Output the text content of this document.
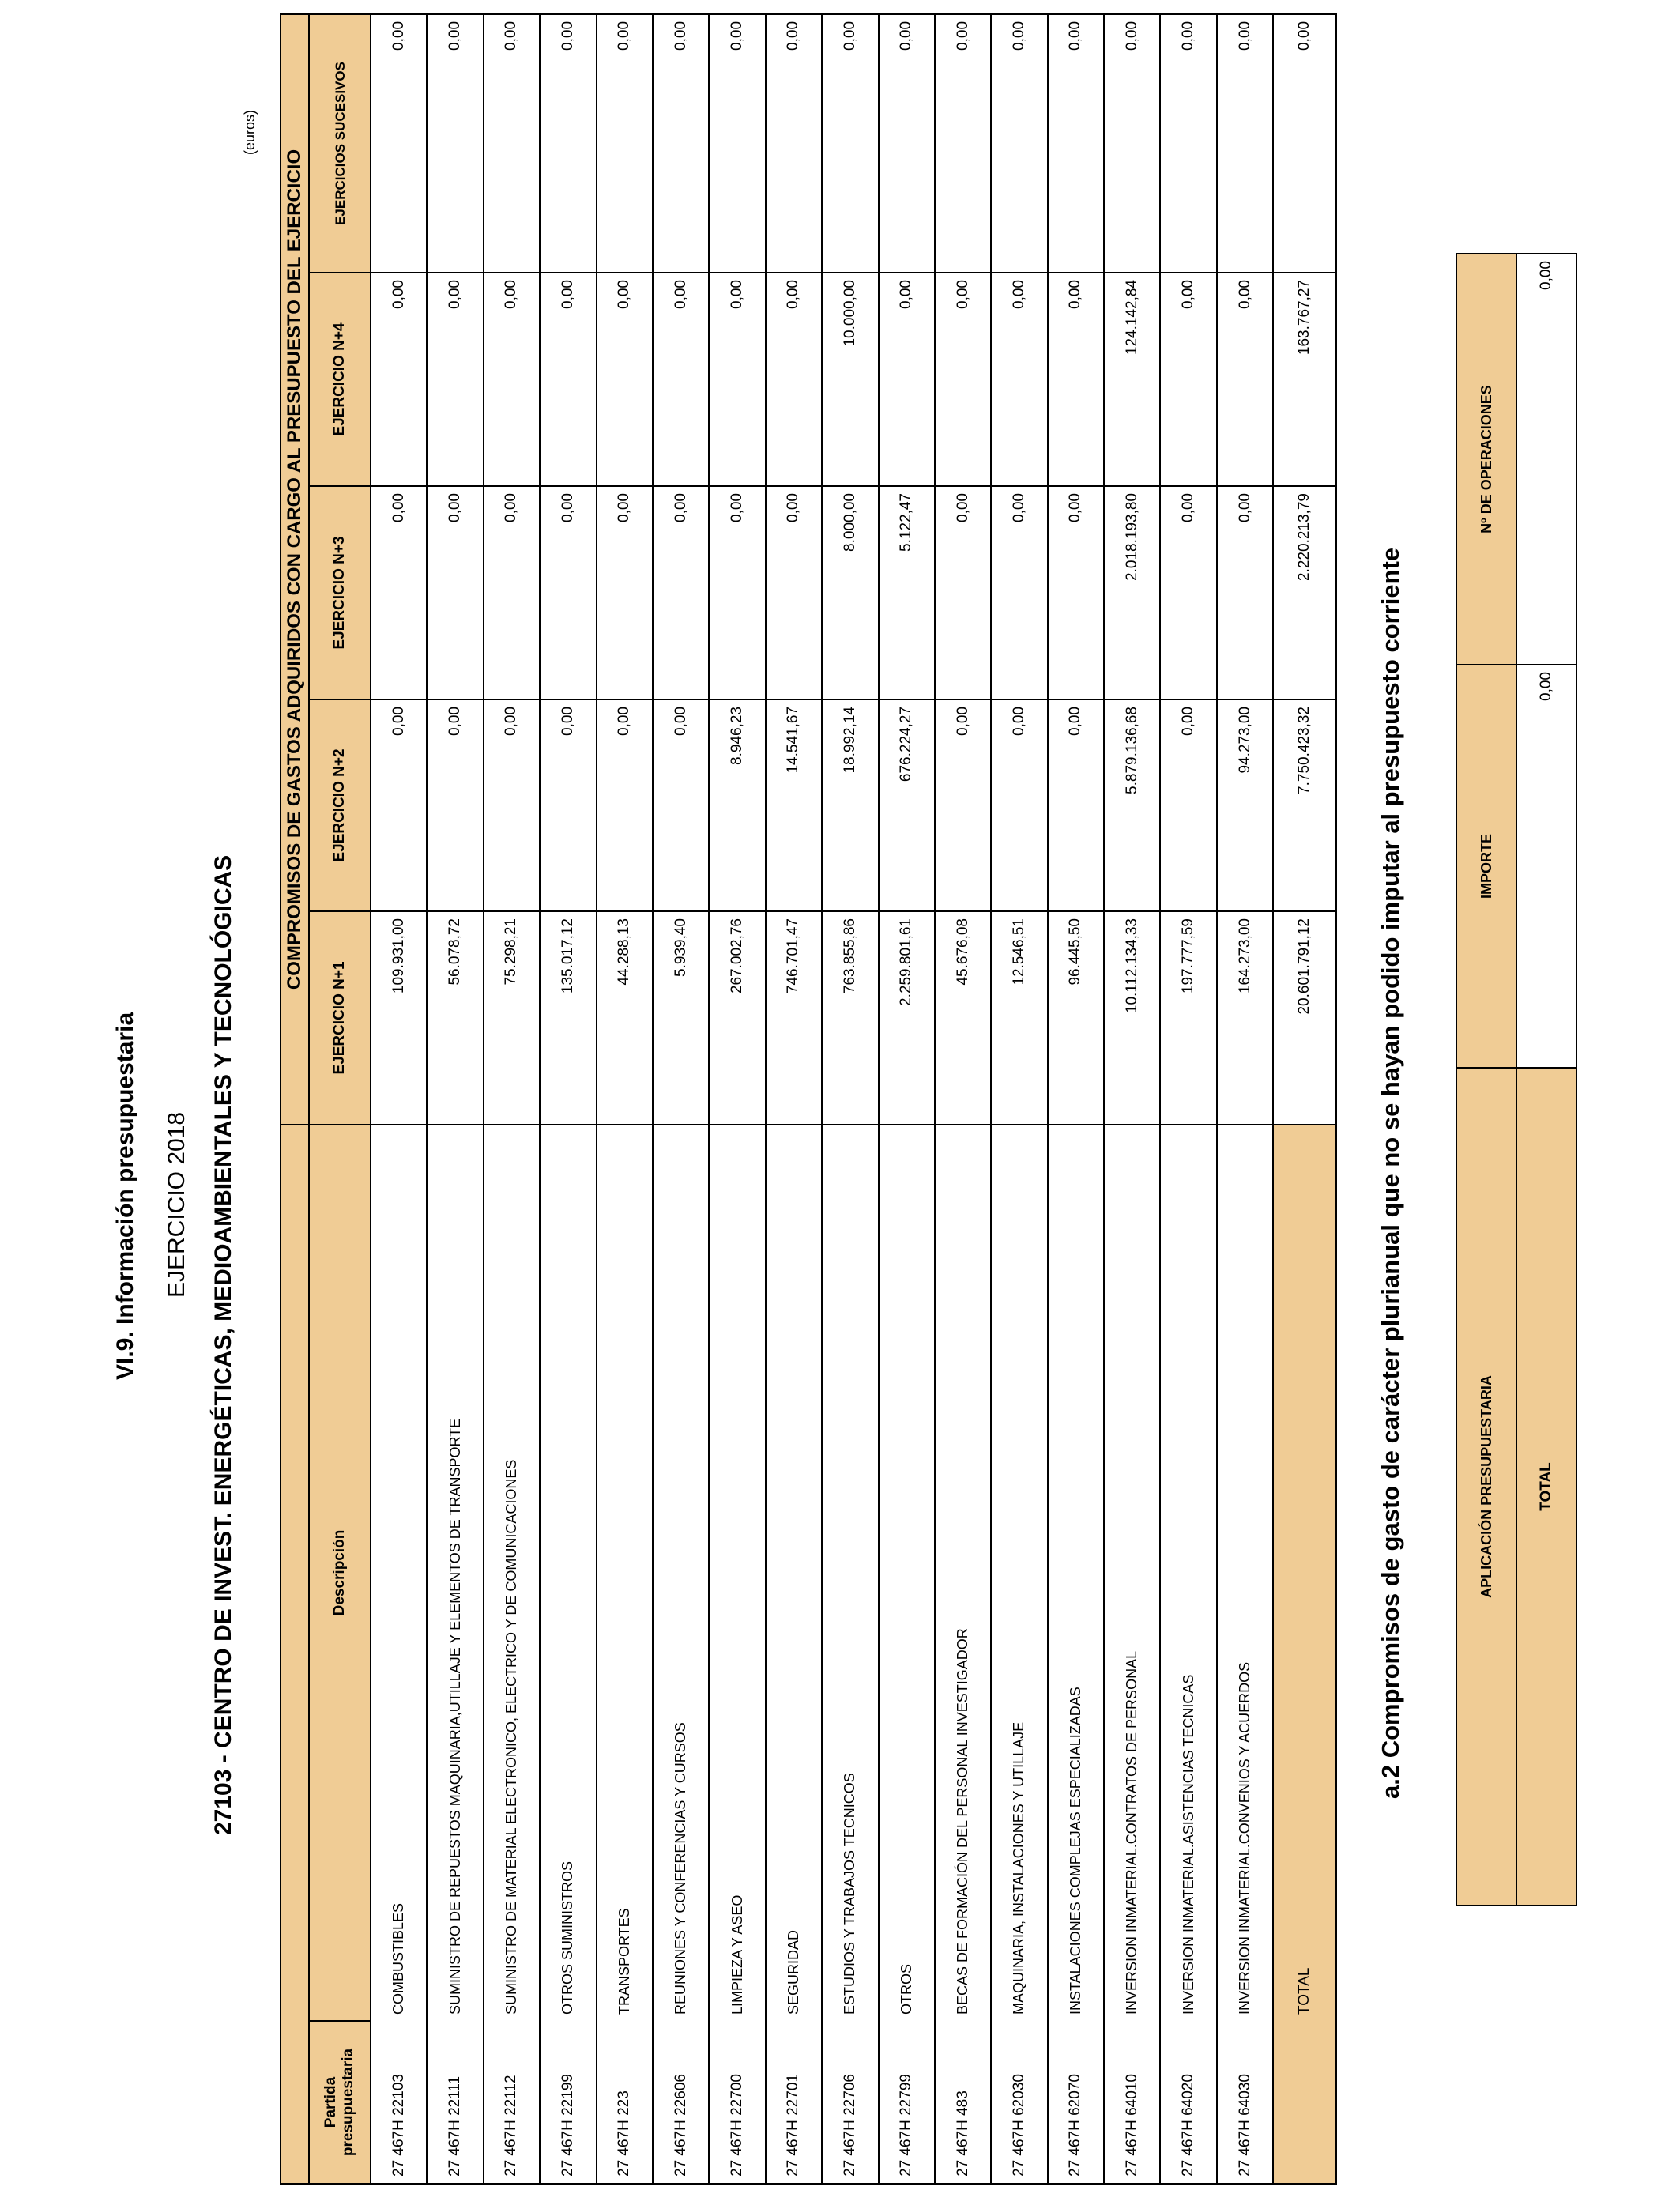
VI.9. Información presupuestaria EJERCICIO 2018 27103 - CENTRO DE INVEST. ENERGÉTICAS, MEDIOAMBIENTALES Y TECNOLÓGICAS
(euros)
		COMPROMISOS DE GASTOS ADQUIRIDOS CON CARGO AL PRESUPUESTO DEL EJERCICIO				
Partida presupuestaria	Descripción	EJERCICIO N+1	EJERCICIO N+2	EJERCICIO N+3	EJERCICIO N+4	EJERCICIOS SUCESIVOS
27 467H 22103	COMBUSTIBLES	109.931,00	0,00	0,00	0,00	0,00
27 467H 22111	SUMINISTRO DE REPUESTOS MAQUINARIA,UTILLAJE Y ELEMENTOS DE TRANSPORTE	56.078,72	0,00	0,00	0,00	0,00
27 467H 22112	SUMINISTRO DE MATERIAL ELECTRONICO, ELECTRICO Y DE COMUNICACIONES	75.298,21	0,00	0,00	0,00	0,00
27 467H 22199	OTROS SUMINISTROS	135.017,12	0,00	0,00	0,00	0,00
27 467H 223	TRANSPORTES	44.288,13	0,00	0,00	0,00	0,00
27 467H 22606	REUNIONES Y CONFERENCIAS Y CURSOS	5.939,40	0,00	0,00	0,00	0,00
27 467H 22700	LIMPIEZA Y ASEO	267.002,76	8.946,23	0,00	0,00	0,00
27 467H 22701	SEGURIDAD	746.701,47	14.541,67	0,00	0,00	0,00
27 467H 22706	ESTUDIOS Y TRABAJOS TECNICOS	763.855,86	18.992,14	8.000,00	10.000,00	0,00
27 467H 22799	OTROS	2.259.801,61	676.224,27	5.122,47	0,00	0,00
27 467H 483	BECAS DE FORMACIÓN DEL PERSONAL INVESTIGADOR	45.676,08	0,00	0,00	0,00	0,00
27 467H 62030	MAQUINARIA, INSTALACIONES Y UTILLAJE	12.546,51	0,00	0,00	0,00	0,00
27 467H 62070	INSTALACIONES COMPLEJAS ESPECIALIZADAS	96.445,50	0,00	0,00	0,00	0,00
27 467H 64010	INVERSION INMATERIAL.CONTRATOS DE PERSONAL	10.112.134,33	5.879.136,68	2.018.193,80	124.142,84	0,00
27 467H 64020	INVERSION INMATERIAL.ASISTENCIAS TECNICAS	197.777,59	0,00	0,00	0,00	0,00
27 467H 64030	INVERSION INMATERIAL.CONVENIOS Y ACUERDOS	164.273,00	94.273,00	0,00	0,00	0,00
	TOTAL	20.601.791,12	7.750.423,32	2.220.213,79	163.767,27	0,00
a.2 Compromisos de gasto de carácter plurianual que no se hayan podido imputar al presupuesto corriente	APLICACIÓN PRESUPUESTARIA	IMPORTE	Nº DE OPERACIONES
TOTAL	0,00	0,00
